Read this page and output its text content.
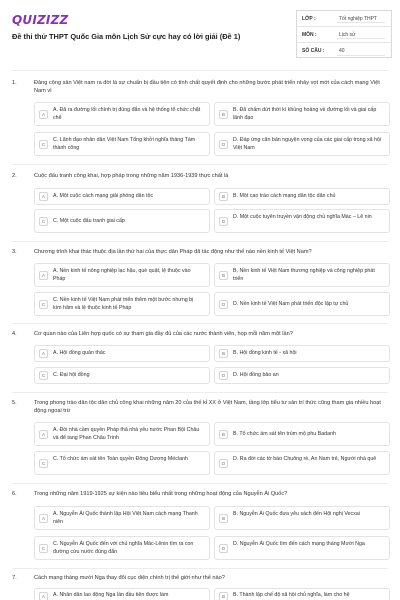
QUIZIZZ
Đề thi thử THPT Quốc Gia môn Lịch Sử cực hay có lời giải (Đề 1)
LỚP :	Tốt nghiệp THPT
MÔN :	Lịch sử
SỐ CÂU :	40
1.	Đảng cộng sản Việt nam ra đời là sự chuẩn bị đầu tiên có tính chất quyết định cho những bước phát triển nhảy vọt mới của cách mạng Việt Nam vì
A
A. Đã ra đường lối chính trị đúng đắn và hệ thống tổ chức chặt chẽ
B
B. Đã chấm dứt thời kì khủng hoảng về đường lối và giai cấp lãnh đạo
C
C. Lãnh đạo nhân dân Việt Nam Tổng khởi nghĩa tháng Tám thành công
D
D. Đáp ứng căn bản nguyện vọng của các giai cấp trong xã hội Việt Nam
2.	Cuộc đấu tranh công khai, hợp pháp trong những năm 1936-1939 thực chất là
A	A. Một cuộc cách mạng giải phóng dân tộc	B	B. Một cao trào cách mạng dân tộc dân chủ
C	C. Một cuộc đấu tranh giai cấp	D
D. Một cuộc tuyên truyền vận động chủ nghĩa Mác – Lê nin
3.	Chương trình khai thác thuộc địa lần thứ hai của thực dân Pháp đã tác động như thế nào nền kinh tế Việt Nam?
A
A. Nền kinh tế nông nghiệp lạc hậu, què quặt, lệ thuộc vào Pháp
B
B. Nền kinh tế Việt Nam thương nghiệp và công nghiệp phát triển
C
C. Nền kinh tế Việt Nam phát triển thêm một bước nhưng bị kìm hãm và lệ thuộc kinh tế Pháp
D	D. Nền kinh tế Việt Nam phát triển độc lập tự chủ
4.	Cơ quan nào của Liên hợp quốc có sự tham gia đầy đủ của các nước thành viên, họp mỗi năm một lần?
A	A. Hội đồng quản thác	B	B. Hội đồng kinh tế - xã hội
C	C. Đại hội đồng	D	D. Hội đồng bảo an
5.	Trong phong trào dân tộc dân chủ công khai những năm 20 của thế kỉ XX ở Việt Nam, tầng lớp tiểu tư sản trí thức cũng tham gia nhiều hoạt động ngoại trừ
A
A. Đòi nhà cầm quyền Pháp thả nhà yêu nước Phan Bội Châu và để tang Phan Châu Trinh
B	B. Tổ chức ám sát tên trùm mộ phu Badanh
C
C. Tổ chức ám sát tên Toàn quyền Đông Dương Méclanh
D
D. Ra đời các tờ báo Chuông rè, An Nam trẻ, Người nhà quê
6.	Trong những năm 1919-1925 sự kiện nào tiêu biểu nhất trong những hoạt động của Nguyễn Ái Quốc?
A
A. Nguyễn Ái Quốc thành lập Hội Việt Nam cách mạng Thanh niên
B
B. Nguyễn Ái Quốc đưa yêu sách đến Hội nghị Vecxai
C
C. Nguyễn Ái Quốc đến với chủ nghĩa Mác-Lênin tìm ra con đường cứu nước đúng đắn
D
D. Nguyễn Ái Quốc tìm đến cách mạng tháng Mười Nga
7.	Cách mạng tháng mười Nga thay đổi cục diện chính trị thế giới như thế nào?
A	A. Nhân dân lao động Nga lần đầu tiên được làm	B	B. Thành lập chế độ xã hội chủ nghĩa, làm cho hệ
